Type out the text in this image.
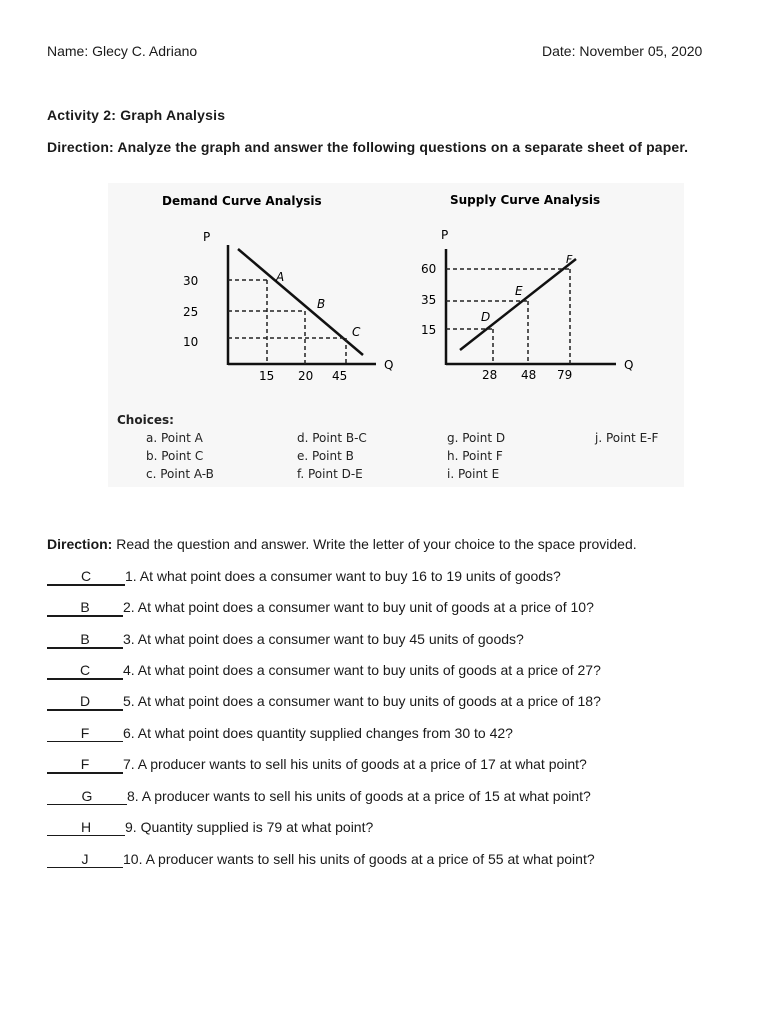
Name: Glecy C. Adriano	Date: November 05, 2020
Activity 2: Graph Analysis
Direction: Analyze the graph and answer the following questions on a separate sheet of paper.
Demand Curve Analysis
P
Q
30
25
10
15 20 45
A
B
C
Supply Curve Analysis
P
Q
60
35
15
28 48 79
D
E
F
Choices:
a. Point A
b. Point C
c. Point A-B
d. Point B-C
e. Point B
f. Point D-E
g. Point D
h. Point F
i. Point E
j. Point E-F
Direction: Read the question and answer. Write the letter of your choice to the space provided.
C 1. At what point does a consumer want to buy 16 to 19 units of goods?
B 2. At what point does a consumer want to buy unit of goods at a price of 10?
B 3. At what point does a consumer want to buy 45 units of goods?
C 4. At what point does a consumer want to buy units of goods at a price of 27?
D 5. At what point does a consumer want to buy units of goods at a price of 18?
F 6. At what point does quantity supplied changes from 30 to 42?
F 7. A producer wants to sell his units of goods at a price of 17 at what point?
G 8. A producer wants to sell his units of goods at a price of 15 at what point?
H 9. Quantity supplied is 79 at what point?
J 10. A producer wants to sell his units of goods at a price of 55 at what point?
